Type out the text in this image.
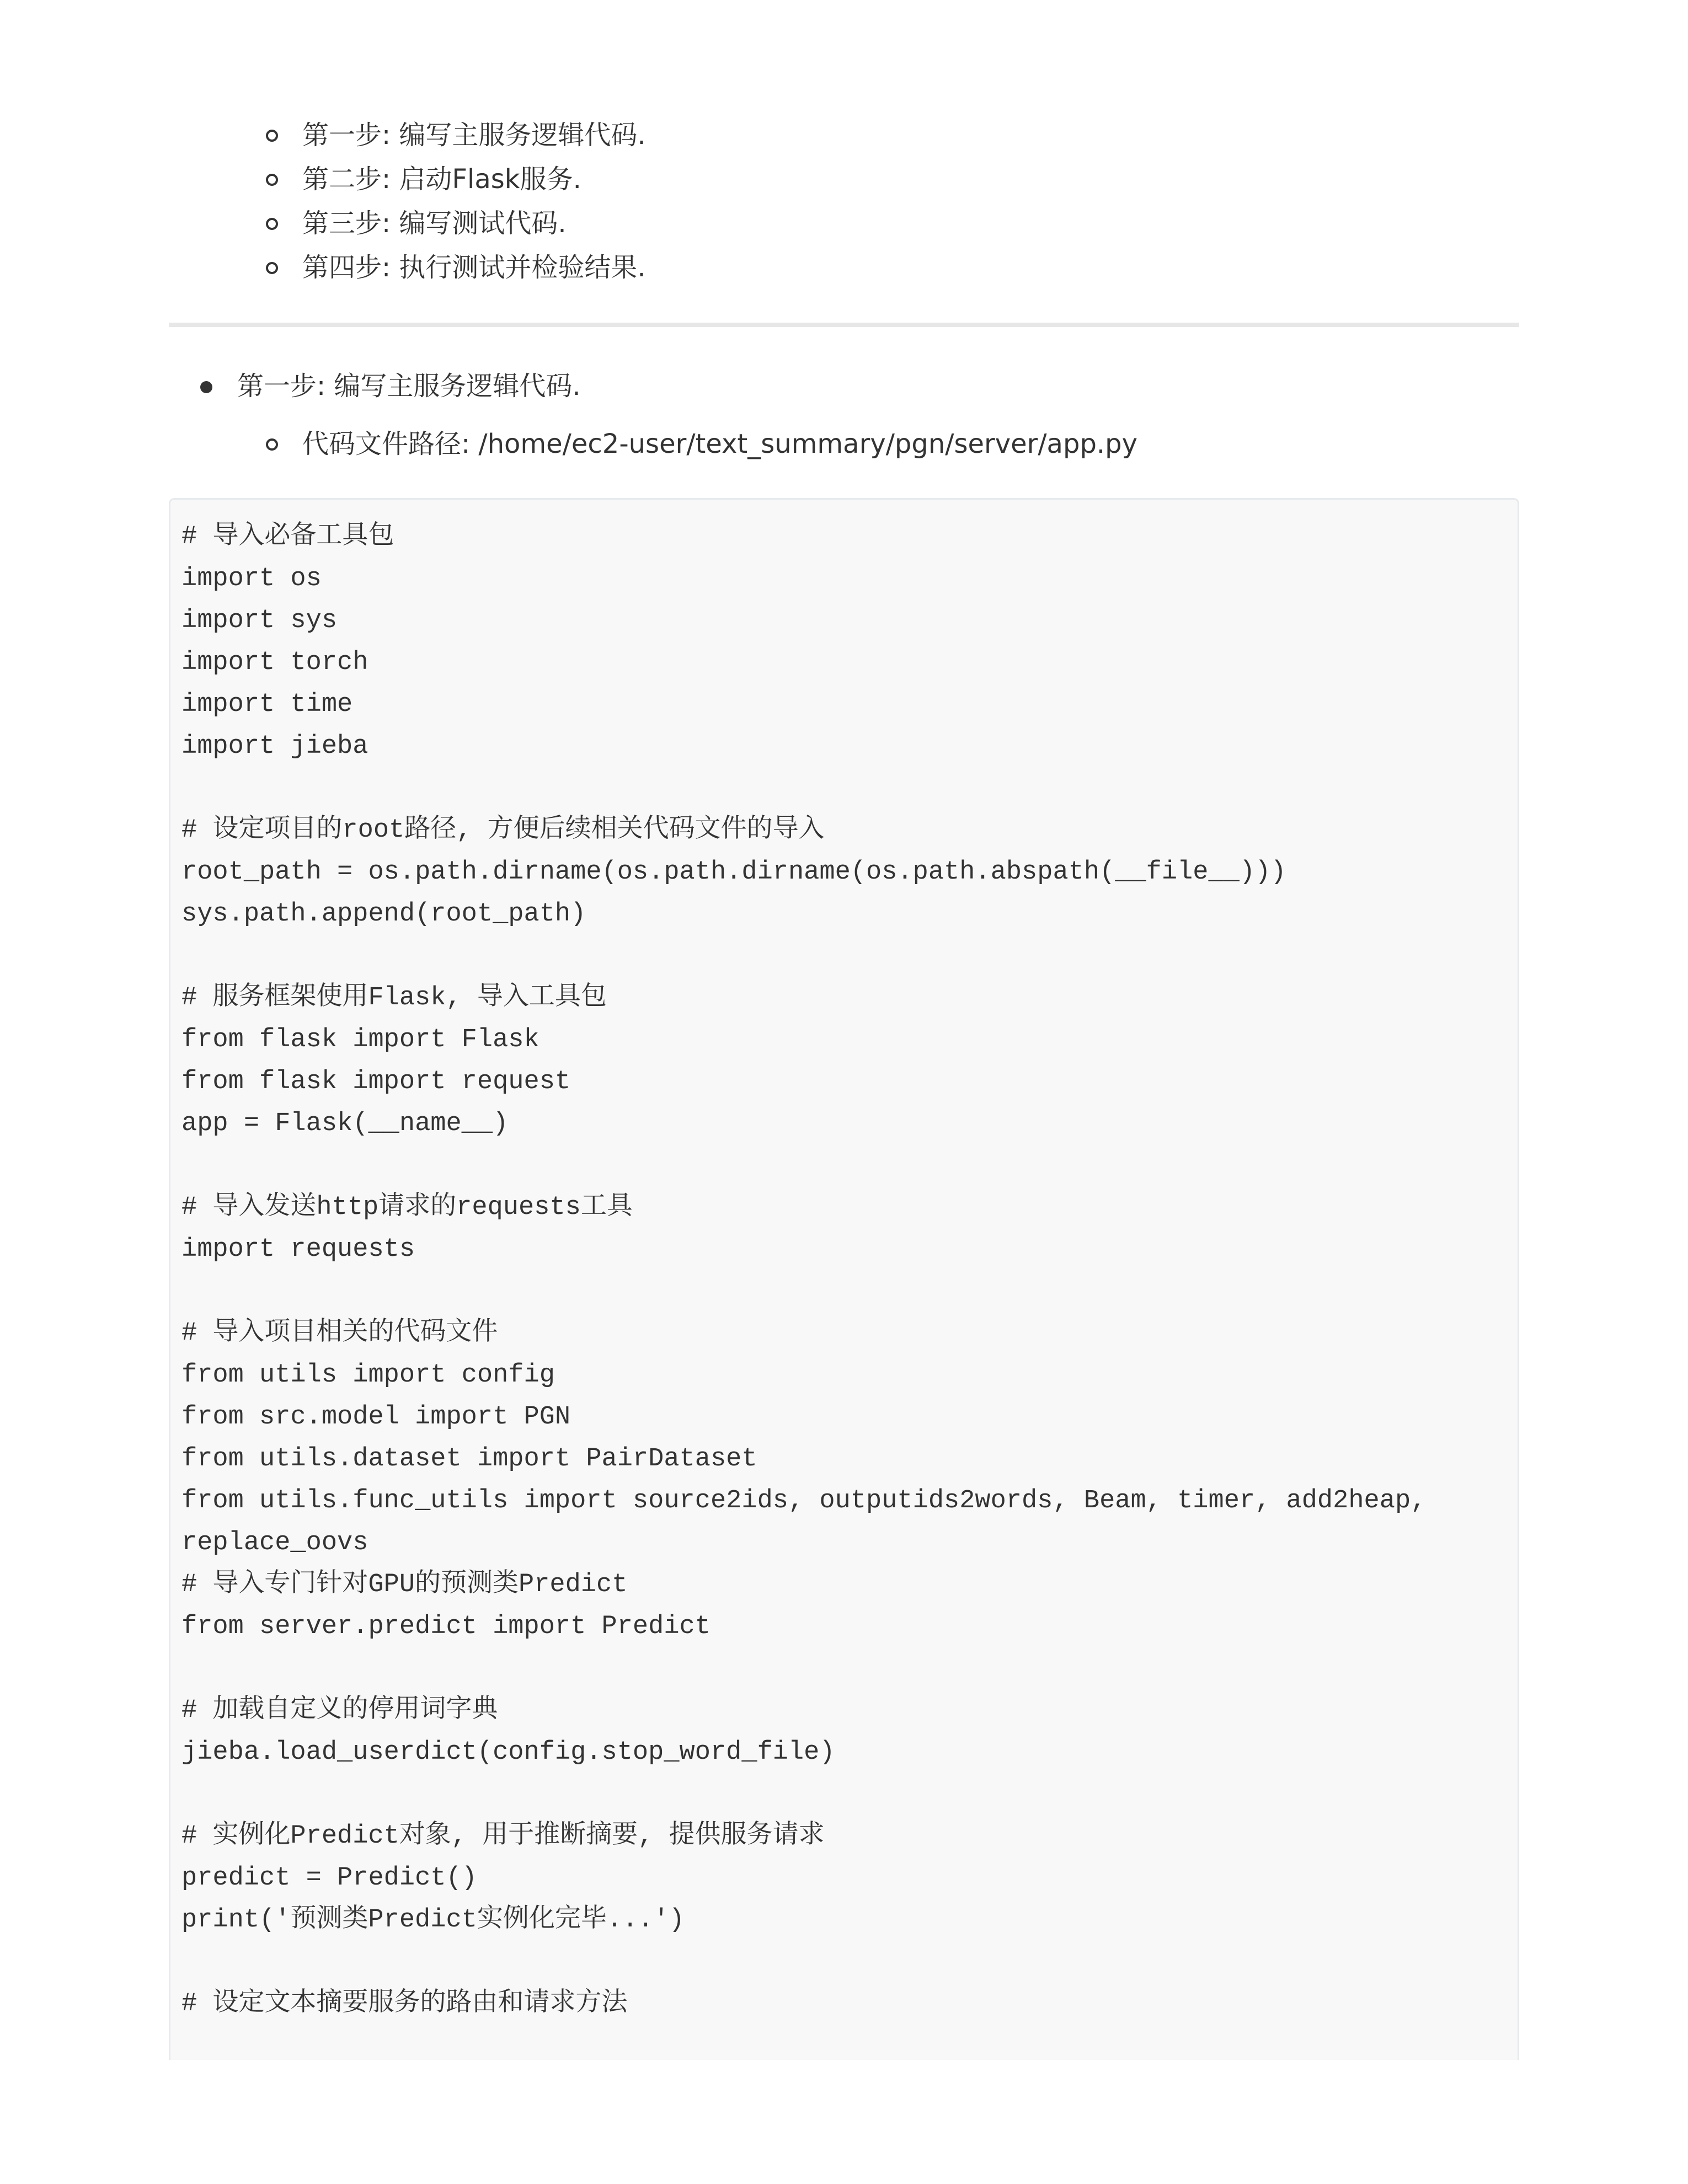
第一步: 编写主服务逻辑代码.
第二步: 启动Flask服务.
第三步: 编写测试代码.
第四步: 执行测试并检验结果.
第一步: 编写主服务逻辑代码.
代码文件路径: /home/ec2-user/text_summary/pgn/server/app.py
# 导入必备工具包
import os
import sys
import torch
import time
import jieba
# 设定项目的root路径, 方便后续相关代码文件的导入
root_path = os.path.dirname(os.path.dirname(os.path.abspath(__file__)))
sys.path.append(root_path)
# 服务框架使用Flask, 导入工具包
from flask import Flask
from flask import request
app = Flask(__name__)
# 导入发送http请求的requests工具
import requests
# 导入项目相关的代码文件
from utils import config
from src.model import PGN
from utils.dataset import PairDataset
from utils.func_utils import source2ids, outputids2words, Beam, timer, add2heap, replace_oovs
# 导入专门针对GPU的预测类Predict
from server.predict import Predict
# 加载自定义的停用词字典
jieba.load_userdict(config.stop_word_file)
# 实例化Predict对象, 用于推断摘要, 提供服务请求
predict = Predict()
print('预测类Predict实例化完毕...')
# 设定文本摘要服务的路由和请求方法
